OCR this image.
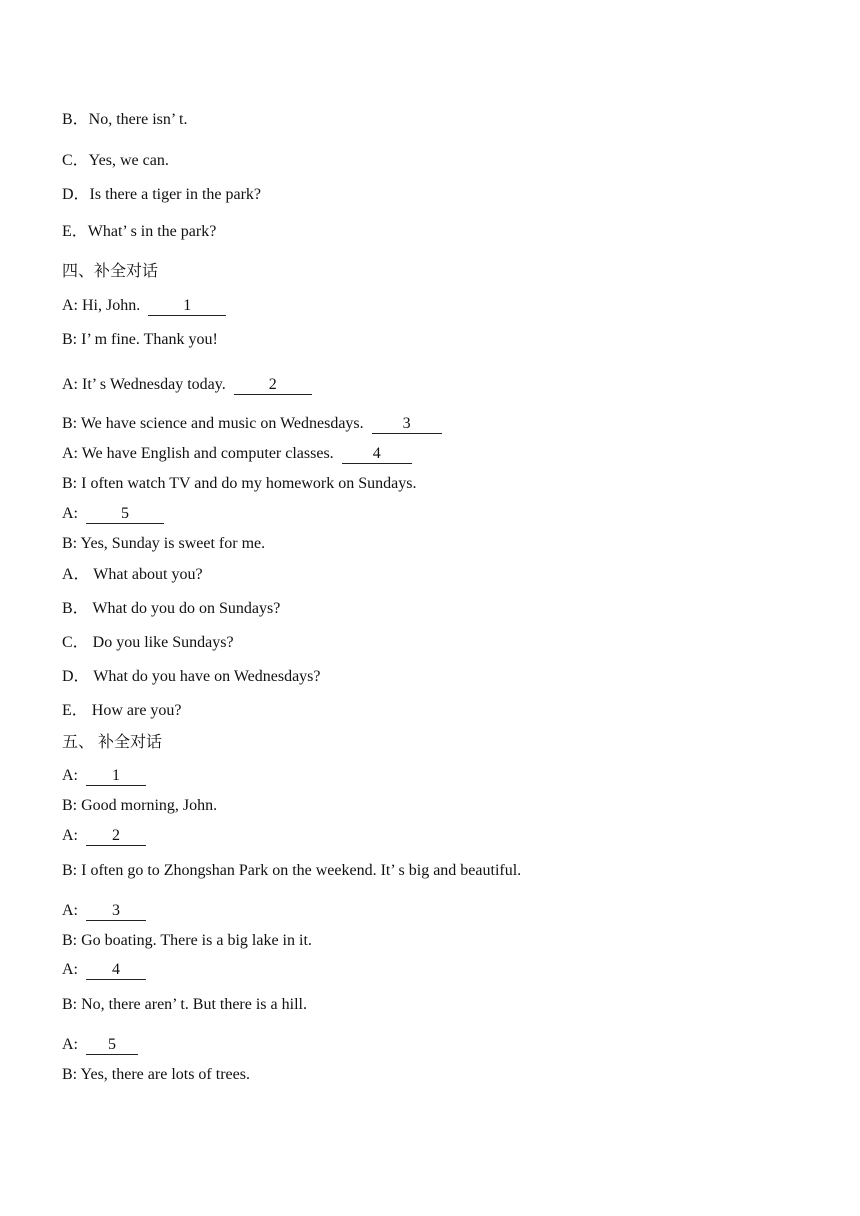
B．No, there isn’ t.
C．Yes, we can.
D．Is there a tiger in the park?
E．What’ s in the park?
四、补全对话
A: Hi, John.	1
B: I’ m fine. Thank you!
A: It’ s Wednesday today.	2
B: We have science and music on Wednesdays. 3
A: We have English and computer classes. 4
B: I often watch TV and do my homework on Sundays.
A:	5
B: Yes, Sunday is sweet for me.
A． What about you?
B． What do you do on Sundays?
C． Do you like Sundays?
D． What do you have on Wednesdays?
E． How are you?
五、 补全对话
A: 1
B: Good morning, John.
A: 2
B: I often go to Zhongshan Park on the weekend. It’ s big and beautiful.
A: 3
B: Go boating. There is a big lake in it.
A: 4
B: No, there aren’ t. But there is a hill.
A: 5
B: Yes, there are lots of trees.
